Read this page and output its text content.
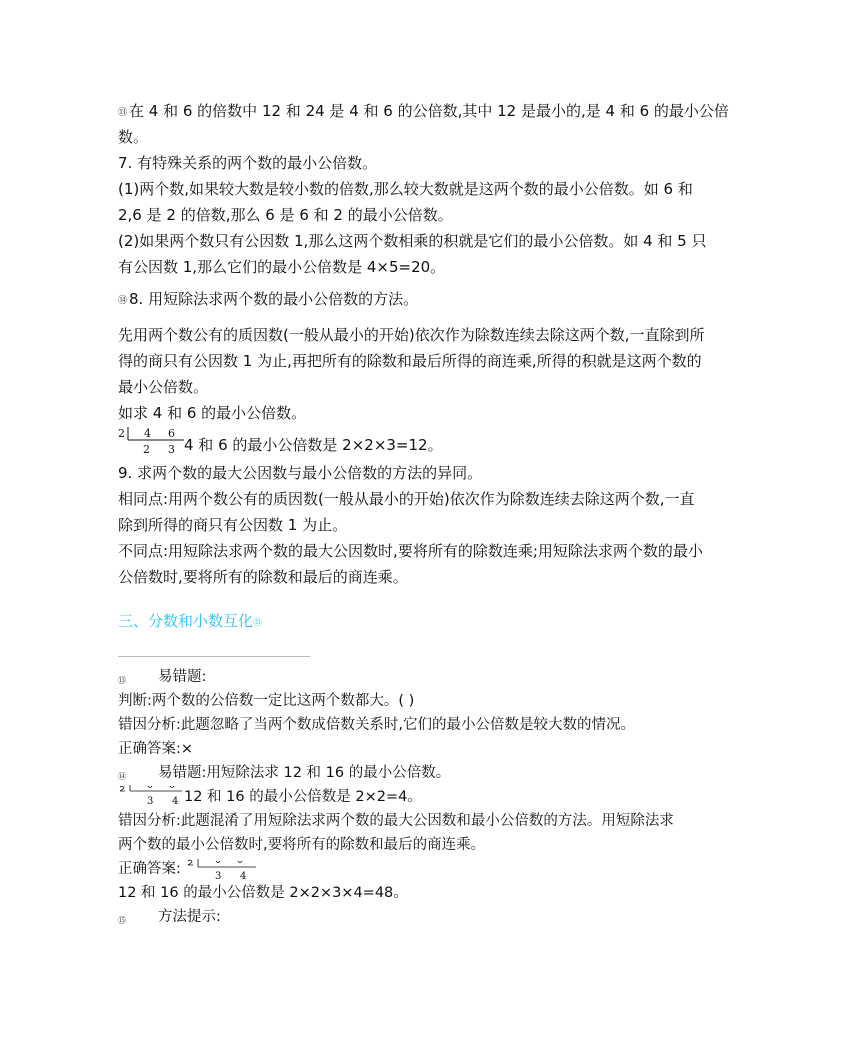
⑬ 在 4 和 6 的倍数中 12 和 24 是 4 和 6 的公倍数,其中 12 是最小的,是 4 和 6 的最小公倍
数。
7. 有特殊关系的两个数的最小公倍数。
(1)两个数,如果较大数是较小数的倍数,那么较大数就是这两个数的最小公倍数。如 6 和
2,6 是 2 的倍数,那么 6 是 6 和 2 的最小公倍数。
(2)如果两个数只有公因数 1,那么这两个数相乘的积就是它们的最小公倍数。如 4 和 5 只
有公因数 1,那么它们的最小公倍数是 4×5=20。
⑭ 8. 用短除法求两个数的最小公倍数的方法。
先用两个数公有的质因数(一般从最小的开始)依次作为除数连续去除这两个数,一直除到所
得的商只有公因数 1 为止,再把所有的除数和最后所得的商连乘,所得的积就是这两个数的
最小公倍数。
如求 4 和 6 的最小公倍数。
2 4 6
2 3 4 和 6 的最小公倍数是 2×2×3=12。
9. 求两个数的最大公因数与最小公倍数的方法的异同。
相同点:用两个数公有的质因数(一般从最小的开始)依次作为除数连续去除这两个数,一直
除到所得的商只有公因数 1 为止。
不同点:用短除法求两个数的最大公因数时,要将所有的除数连乘;用短除法求两个数的最小
公倍数时,要将所有的除数和最后的商连乘。
三、分数和小数互化⑮
⑬ 易错题:
判断:两个数的公倍数一定比这两个数都大。( )
错因分析:此题忽略了当两个数成倍数关系时,它们的最小公倍数是较大数的情况。
正确答案:×
⑭ 易错题:用短除法求 12 和 16 的最小公倍数。
3 4 12 和 16 的最小公倍数是 2×2=4。
错因分析:此题混淆了用短除法求两个数的最大公因数和最小公倍数的方法。用短除法求
两个数的最小公倍数时,要将所有的除数和最后的商连乘。
正确答案:	3 4
12 和 16 的最小公倍数是 2×2×3×4=48。
⑮ 方法提示:
